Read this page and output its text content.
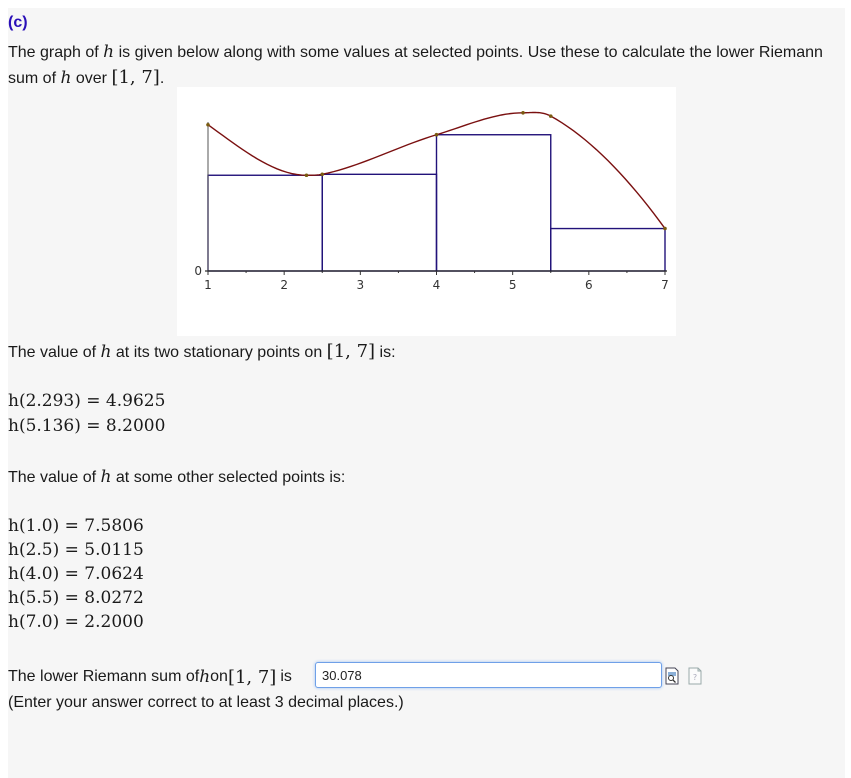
(c)
The graph of h is given below along with some values at selected points. Use these to calculate the lower Riemann sum of h over [1, 7].
1	2	3	4	5	6	7
0
The value of h at its two stationary points on [1, 7] is:
h(2.293) = 4.9625
h(5.136) = 8.2000
The value of h at some other selected points is:
h(1.0) = 7.5806
h(2.5) = 5.0115
h(4.0) = 7.0624
h(5.5) = 8.0272
h(7.0) = 2.2000
The lower Riemann sum of h on [1, 7] is
30.078	?
(Enter your answer correct to at least 3 decimal places.)
